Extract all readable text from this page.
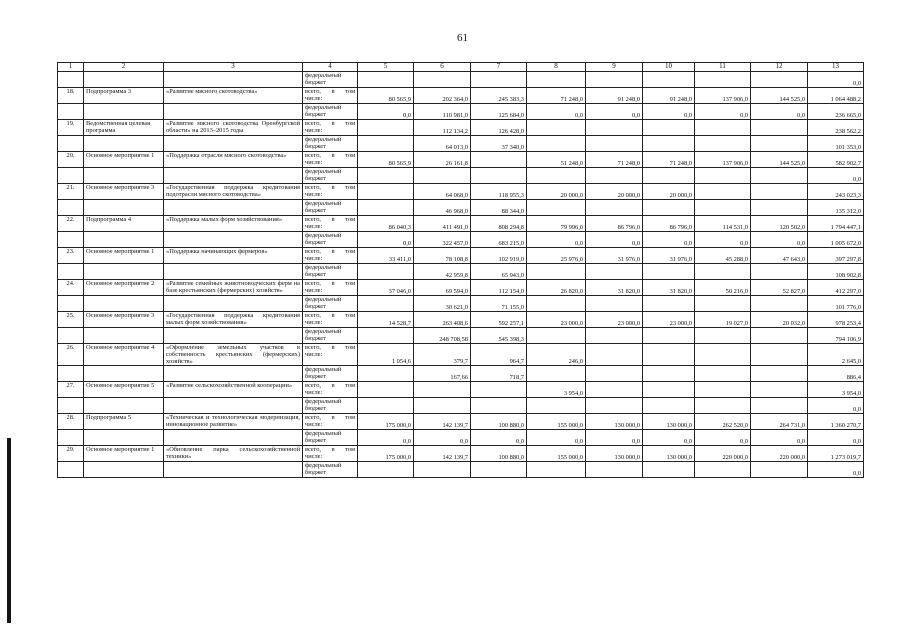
61
1	2	3	4	5	6	7	8	9	10	11	12	13
			федеральный бюджет									0,0
18.	Подпрограмма 3	«Развитие мясного скотоводства»	всего, в том числе:	80 565,9	202 364,0	245 383,3	71 248,0	91 248,0	91 248,0	137 906,0	144 525,0	1 064 488,2
			федеральный бюджет	0,0	110 981,0	125 684,0	0,0	0,0	0,0	0,0	0,0	236 665,0
19.	Ведомственная целевая программа	«Развитие мясного скотоводства Оренбургской области» на 2013–2015 годы	всего, в том числе:		112 134,2	126 428,0						238 562,2
			федеральный бюджет		64 013,0	37 340,0						101 353,0
20.	Основное мероприятие 1	«Поддержка отрасли мясного скотоводства»	всего, в том числе:	80 565,9	26 161,8		51 248,0	71 248,0	71 248,0	137 906,0	144 525,0	582 902,7
			федеральный бюджет									0,0
21.	Основное мероприятие 3	«Государственная поддержка кредитования подотрасли мясного скотоводства»	всего, в том числе:		64 068,0	118 955,3	20 000,0	20 000,0	20 000,0			243 023,3
			федеральный бюджет		46 968,0	88 344,0						135 312,0
22.	Подпрограмма 4	«Поддержка малых форм хозяйствования»	всего, в том числе:	86 040,3	411 491,0	808 294,8	79 996,0	86 796,0	86 796,0	114 531,0	120 502,0	1 794 447,1
			федеральный бюджет	0,0	322 457,0	683 215,0	0,0	0,0	0,0	0,0	0,0	1 005 672,0
23.	Основное мероприятие 1	«Поддержка начинающих фермеров»	всего, в том числе:	33 411,0	78 108,8	102 919,0	25 976,0	31 976,0	31 976,0	45 288,0	47 643,0	397 297,8
			федеральный бюджет		42 959,8	65 943,0						108 902,8
24.	Основное мероприятие 2	«Развитие семейных животноводческих ферм на базе крестьянских (фермерских) хозяйств»	всего, в том числе:	37 046,0	69 594,0	112 154,0	26 820,0	31 820,0	31 820,0	50 216,0	52 827,0	412 297,0
			федеральный бюджет		30 621,0	71 155,0						101 776,0
25.	Основное мероприятие 3	«Государственная поддержка кредитования малых форм хозяйствования»	всего, в том числе:	14 528,7	263 408,6	592 257,1	23 000,0	23 000,0	23 000,0	19 027,0	20 032,0	978 253,4
			федеральный бюджет		248 708,58	545 398,3						794 106,9
26.	Основное мероприятие 4	«Оформление земельных участков в собственность крестьянских (фермерских) хозяйств»	всего, в том числе:	1 054,6	379,7	964,7	246,0					2 645,0
			федеральный бюджет		167,66	718,7						886,4
27.	Основное мероприятие 5	«Развитие сельскохозяйственной кооперации»	всего, в том числе:				3 954,0					3 954,0
			федеральный бюджет									0,0
28.	Подпрограмма 5	«Техническая и технологическая модернизация, инновационное развитие»	всего, в том числе:	175 000,0	142 139,7	100 880,0	155 000,0	130 000,0	130 000,0	262 520,0	264 731,0	1 360 270,7
			федеральный бюджет	0,0	0,0	0,0	0,0	0,0	0,0	0,0	0,0	0,0
29.	Основное мероприятие 1	«Обновление парка сельскохозяйственной техники»	всего, в том числе:	175 000,0	142 139,7	100 880,0	155 000,0	130 000,0	130 000,0	220 000,0	220 000,0	1 273 019,7
			федеральный бюджет									0,0
